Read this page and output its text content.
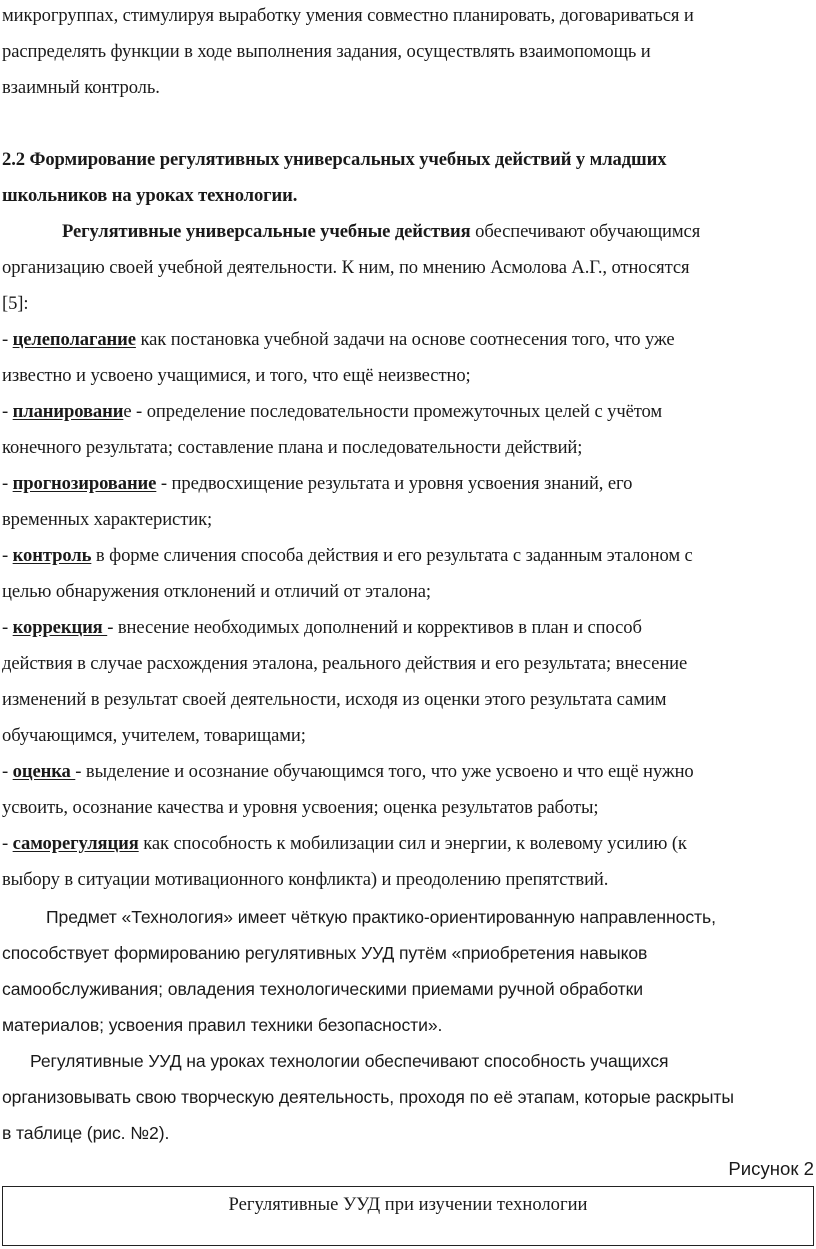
микрогруппах, стимулируя выработку умения совместно планировать, договариваться и
распределять функции в ходе выполнения задания, осуществлять взаимопомощь и
взаимный контроль.
2.2 Формирование регулятивных универсальных учебных действий у младших
школьников на уроках технологии.
Регулятивные универсальные учебные действия обеспечивают обучающимся
организацию своей учебной деятельности. К ним, по мнению Асмолова А.Г., относятся
[5]:
- целеполагание как постановка учебной задачи на основе соотнесения того, что уже
известно и усвоено учащимися, и того, что ещё неизвестно;
- планирование - определение последовательности промежуточных целей с учётом
конечного результата; составление плана и последовательности действий;
- прогнозирование - предвосхищение результата и уровня усвоения знаний, его
временных характеристик;
- контроль в форме сличения способа действия и его результата с заданным эталоном с
целью обнаружения отклонений и отличий от эталона;
- коррекция - внесение необходимых дополнений и коррективов в план и способ
действия в случае расхождения эталона, реального действия и его результата; внесение
изменений в результат своей деятельности, исходя из оценки этого результата самим
обучающимся, учителем, товарищами;
- оценка - выделение и осознание обучающимся того, что уже усвоено и что ещё нужно
усвоить, осознание качества и уровня усвоения; оценка результатов работы;
- саморегуляция как способность к мобилизации сил и энергии, к волевому усилию (к
выбору в ситуации мотивационного конфликта) и преодолению препятствий.
Предмет «Технология» имеет чёткую практико-ориентированную направленность,
способствует формированию регулятивных УУД путём «приобретения навыков
самообслуживания; овладения технологическими приемами ручной обработки
материалов; усвоения правил техники безопасности».
Регулятивные УУД на уроках технологии обеспечивают способность учащихся
организовывать свою творческую деятельность, проходя по её этапам, которые раскрыты
в таблице (рис. №2).
Рисунок 2
Регулятивные УУД при изучении технологии
